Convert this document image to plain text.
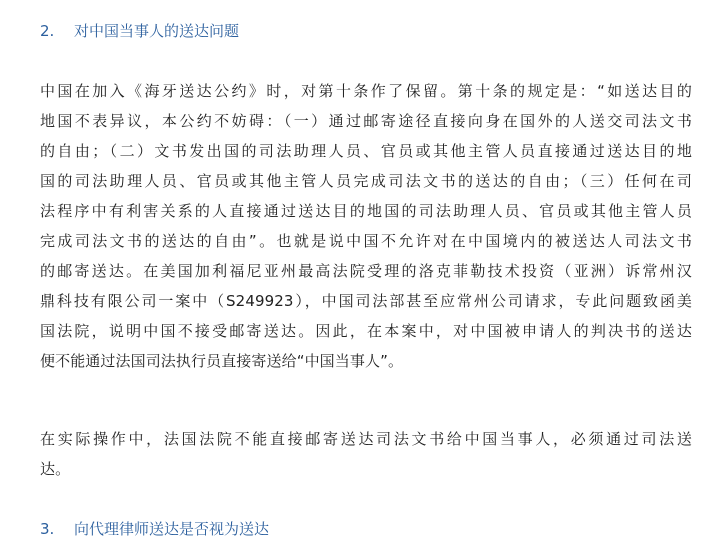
2. 对中国当事人的送达问题
中国在加入《海牙送达公约》时，对第十条作了保留。第十条的规定是：“如送达目的
地国不表异议，本公约不妨碍：（一）通过邮寄途径直接向身在国外的人送交司法文书
的自由；（二）文书发出国的司法助理人员、官员或其他主管人员直接通过送达目的地
国的司法助理人员、官员或其他主管人员完成司法文书的送达的自由；（三）任何在司
法程序中有利害关系的人直接通过送达目的地国的司法助理人员、官员或其他主管人员
完成司法文书的送达的自由”。也就是说中国不允许对在中国境内的被送达人司法文书
的邮寄送达。在美国加利福尼亚州最高法院受理的洛克菲勒技术投资（亚洲）诉常州汉
鼎科技有限公司一案中（S249923），中国司法部甚至应常州公司请求，专此问题致函美
国法院，说明中国不接受邮寄送达。因此，在本案中，对中国被申请人的判决书的送达
便不能通过法国司法执行员直接寄送给“中国当事人”。
在实际操作中，法国法院不能直接邮寄送达司法文书给中国当事人，必须通过司法送
达。
3. 向代理律师送达是否视为送达
